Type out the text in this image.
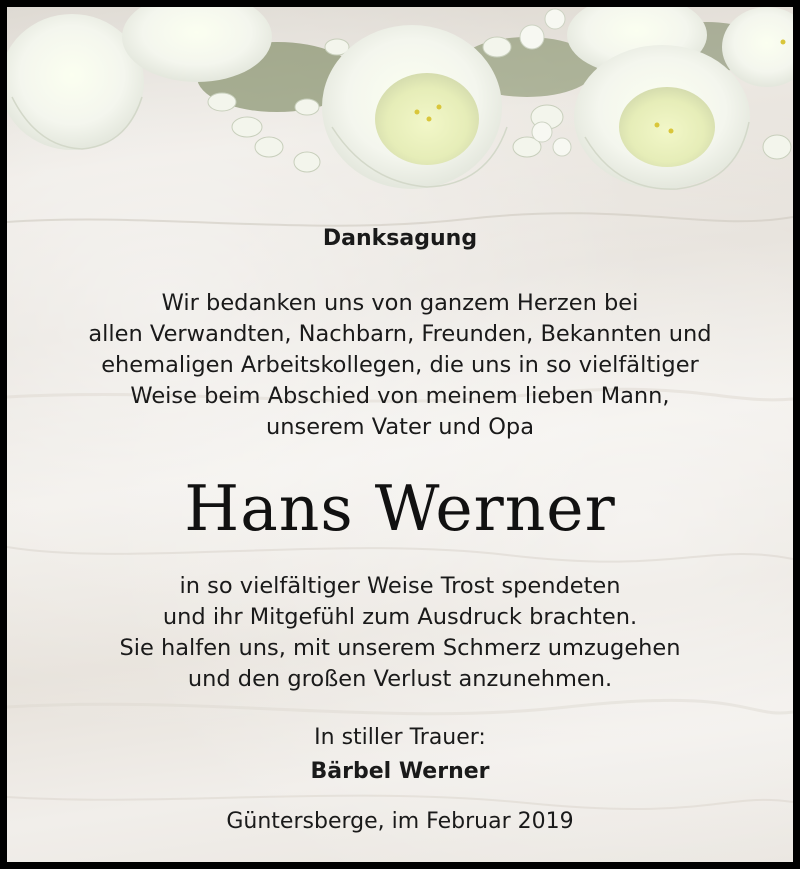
Danksagung
Wir bedanken uns von ganzem Herzen bei
allen Verwandten, Nachbarn, Freunden, Bekannten und
ehemaligen Arbeitskollegen, die uns in so vielfältiger
Weise beim Abschied von meinem lieben Mann,
unserem Vater und Opa
Hans Werner
in so vielfältiger Weise Trost spendeten
und ihr Mitgefühl zum Ausdruck brachten.
Sie halfen uns, mit unserem Schmerz umzugehen
und den großen Verlust anzunehmen.
In stiller Trauer:
Bärbel Werner
Güntersberge, im Februar 2019
